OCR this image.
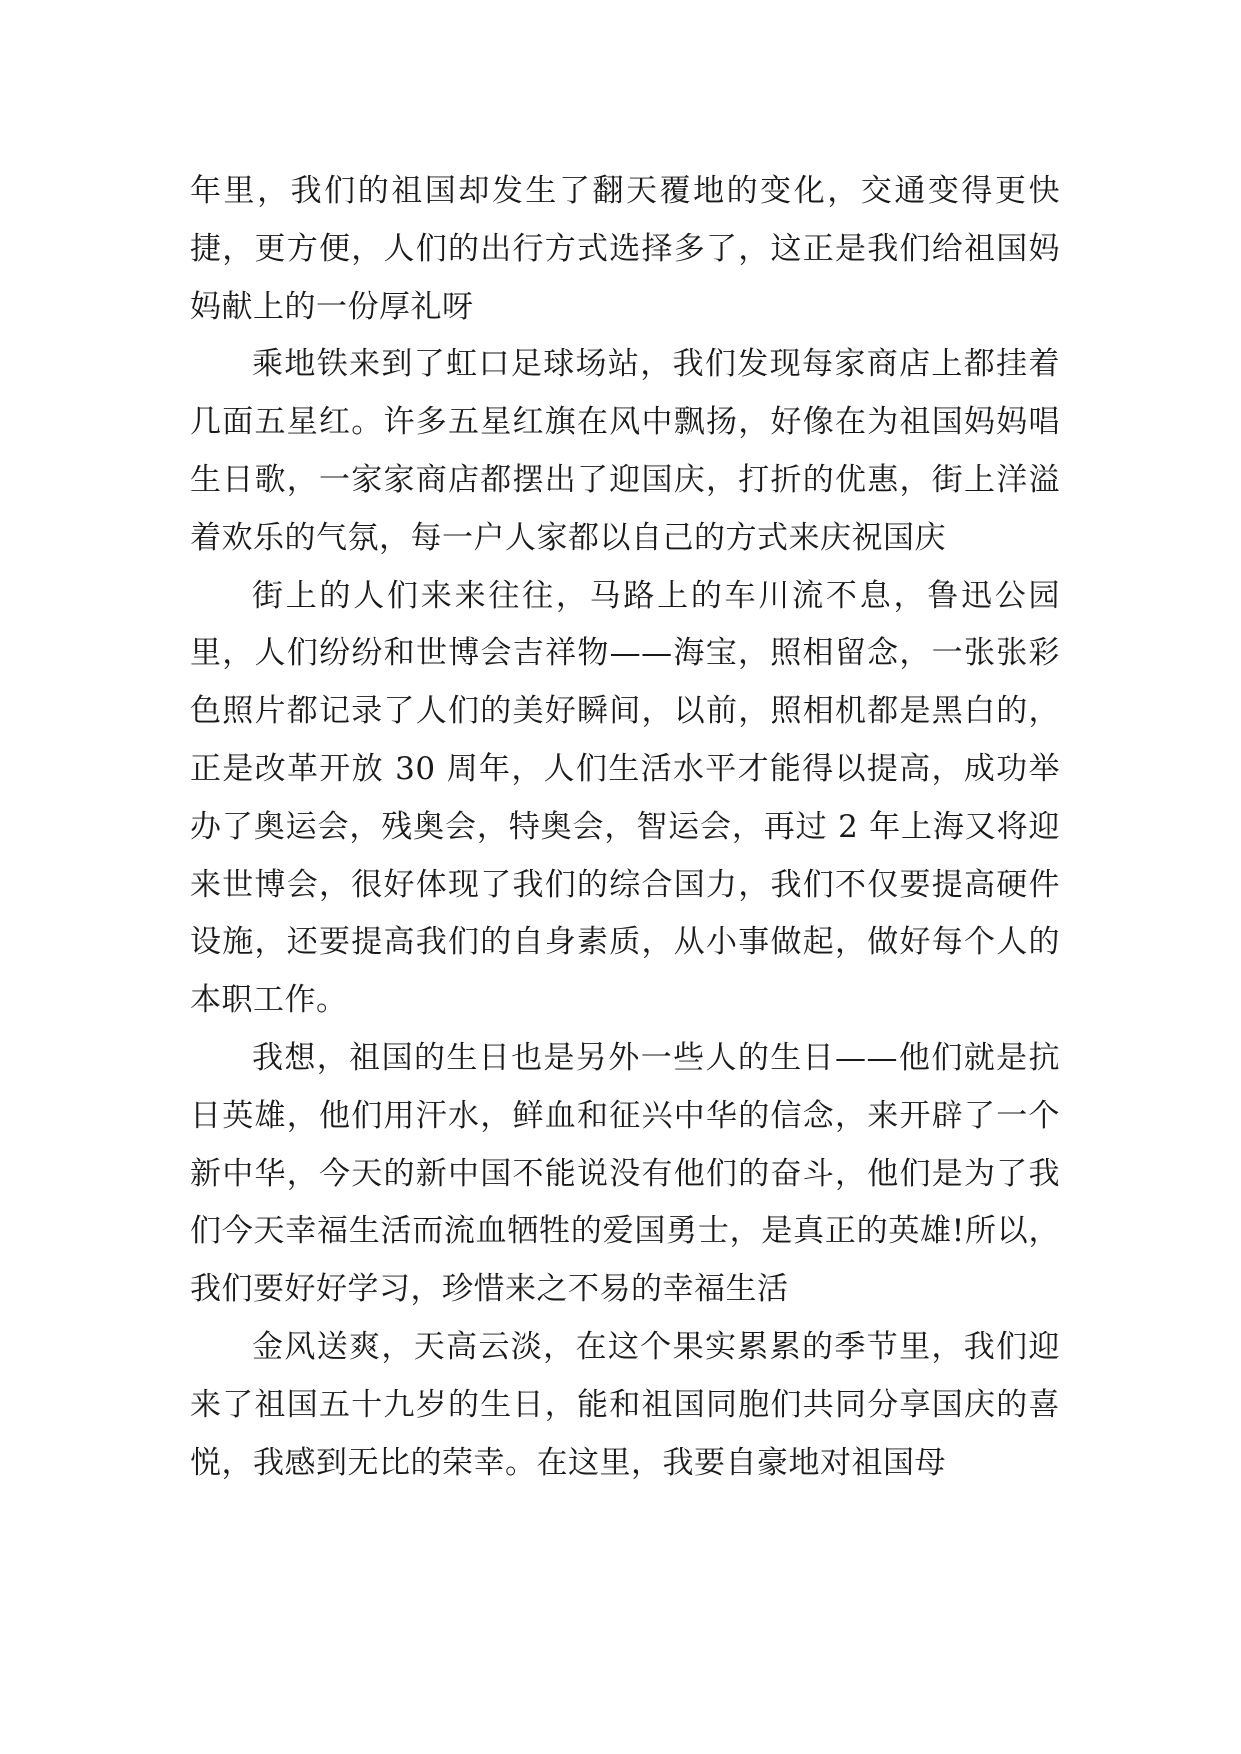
年里，我们的祖国却发生了翻天覆地的变化，交通变得更快捷，更方便，人们的出行方式选择多了，这正是我们给祖国妈妈献上的一份厚礼呀

乘地铁来到了虹口足球场站，我们发现每家商店上都挂着几面五星红。许多五星红旗在风中飘扬，好像在为祖国妈妈唱生日歌，一家家商店都摆出了迎国庆，打折的优惠，街上洋溢着欢乐的气氛，每一户人家都以自己的方式来庆祝国庆

街上的人们来来往往，马路上的车川流不息，鲁迅公园里，人们纷纷和世博会吉祥物——海宝，照相留念，一张张彩色照片都记录了人们的美好瞬间，以前，照相机都是黑白的，正是改革开放 30 周年，人们生活水平才能得以提高，成功举办了奥运会，残奥会，特奥会，智运会，再过 2 年上海又将迎来世博会，很好体现了我们的综合国力，我们不仅要提高硬件设施，还要提高我们的自身素质，从小事做起，做好每个人的本职工作。

我想，祖国的生日也是另外一些人的生日——他们就是抗日英雄，他们用汗水，鲜血和征兴中华的信念，来开辟了一个新中华，今天的新中国不能说没有他们的奋斗，他们是为了我们今天幸福生活而流血牺牲的爱国勇士，是真正的英雄!所以，我们要好好学习，珍惜来之不易的幸福生活

金风送爽，天高云淡，在这个果实累累的季节里，我们迎来了祖国五十九岁的生日，能和祖国同胞们共同分享国庆的喜悦，我感到无比的荣幸。在这里，我要自豪地对祖国母
